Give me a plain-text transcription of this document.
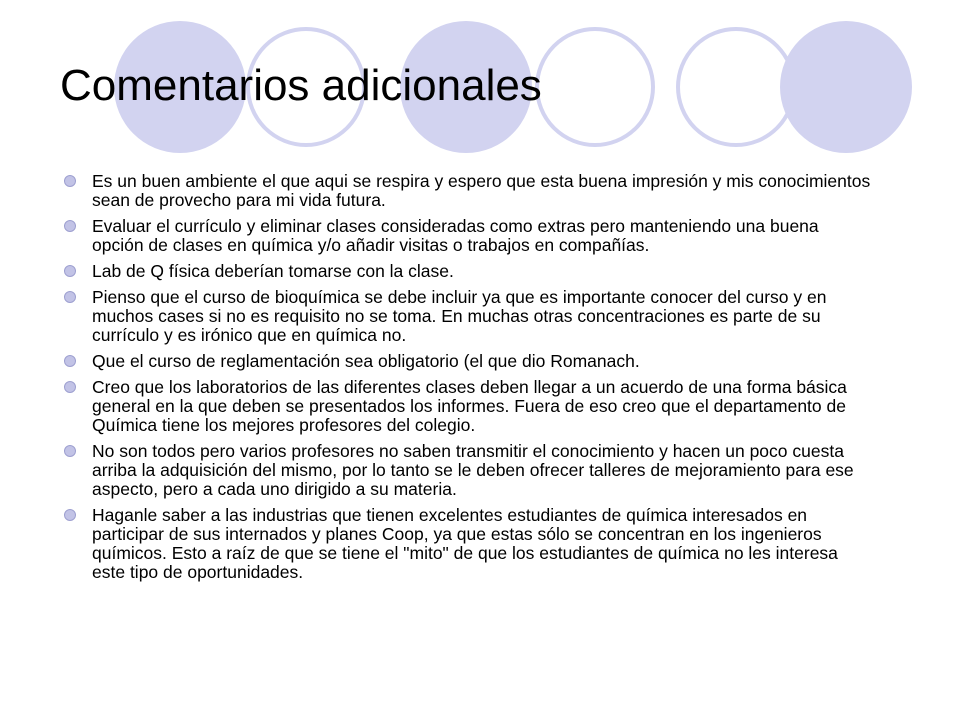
Comentarios adicionales
Es un buen ambiente el que aqui se respira y espero que esta buena impresión y mis conocimientos sean de provecho para mi vida futura.
Evaluar el currículo y eliminar clases consideradas como extras pero manteniendo una buena opción de clases en química y/o añadir visitas o trabajos en compañías.
Lab de Q física deberían tomarse con la clase.
Pienso que el curso de bioquímica se debe incluir ya que es importante conocer del curso y en muchos cases si no es requisito no se toma. En muchas otras concentraciones es parte de su currículo y es irónico que en química no.
Que el curso de reglamentación sea obligatorio (el que dio Romanach.
Creo que los laboratorios de las diferentes clases deben llegar a un acuerdo de una forma básica general en la que deben se presentados los informes. Fuera de eso creo que el departamento de Química tiene los mejores profesores del colegio.
No son todos pero varios profesores no saben transmitir el conocimiento y hacen un poco cuesta arriba la adquisición del mismo, por lo tanto se le deben ofrecer talleres de mejoramiento para ese aspecto, pero a cada uno dirigido a su materia.
Haganle saber a las industrias que tienen excelentes estudiantes de química interesados en participar de sus internados y planes Coop, ya que estas sólo se concentran en los ingenieros químicos. Esto a raíz de que se tiene el "mito" de que los estudiantes de química no les interesa este tipo de oportunidades.
